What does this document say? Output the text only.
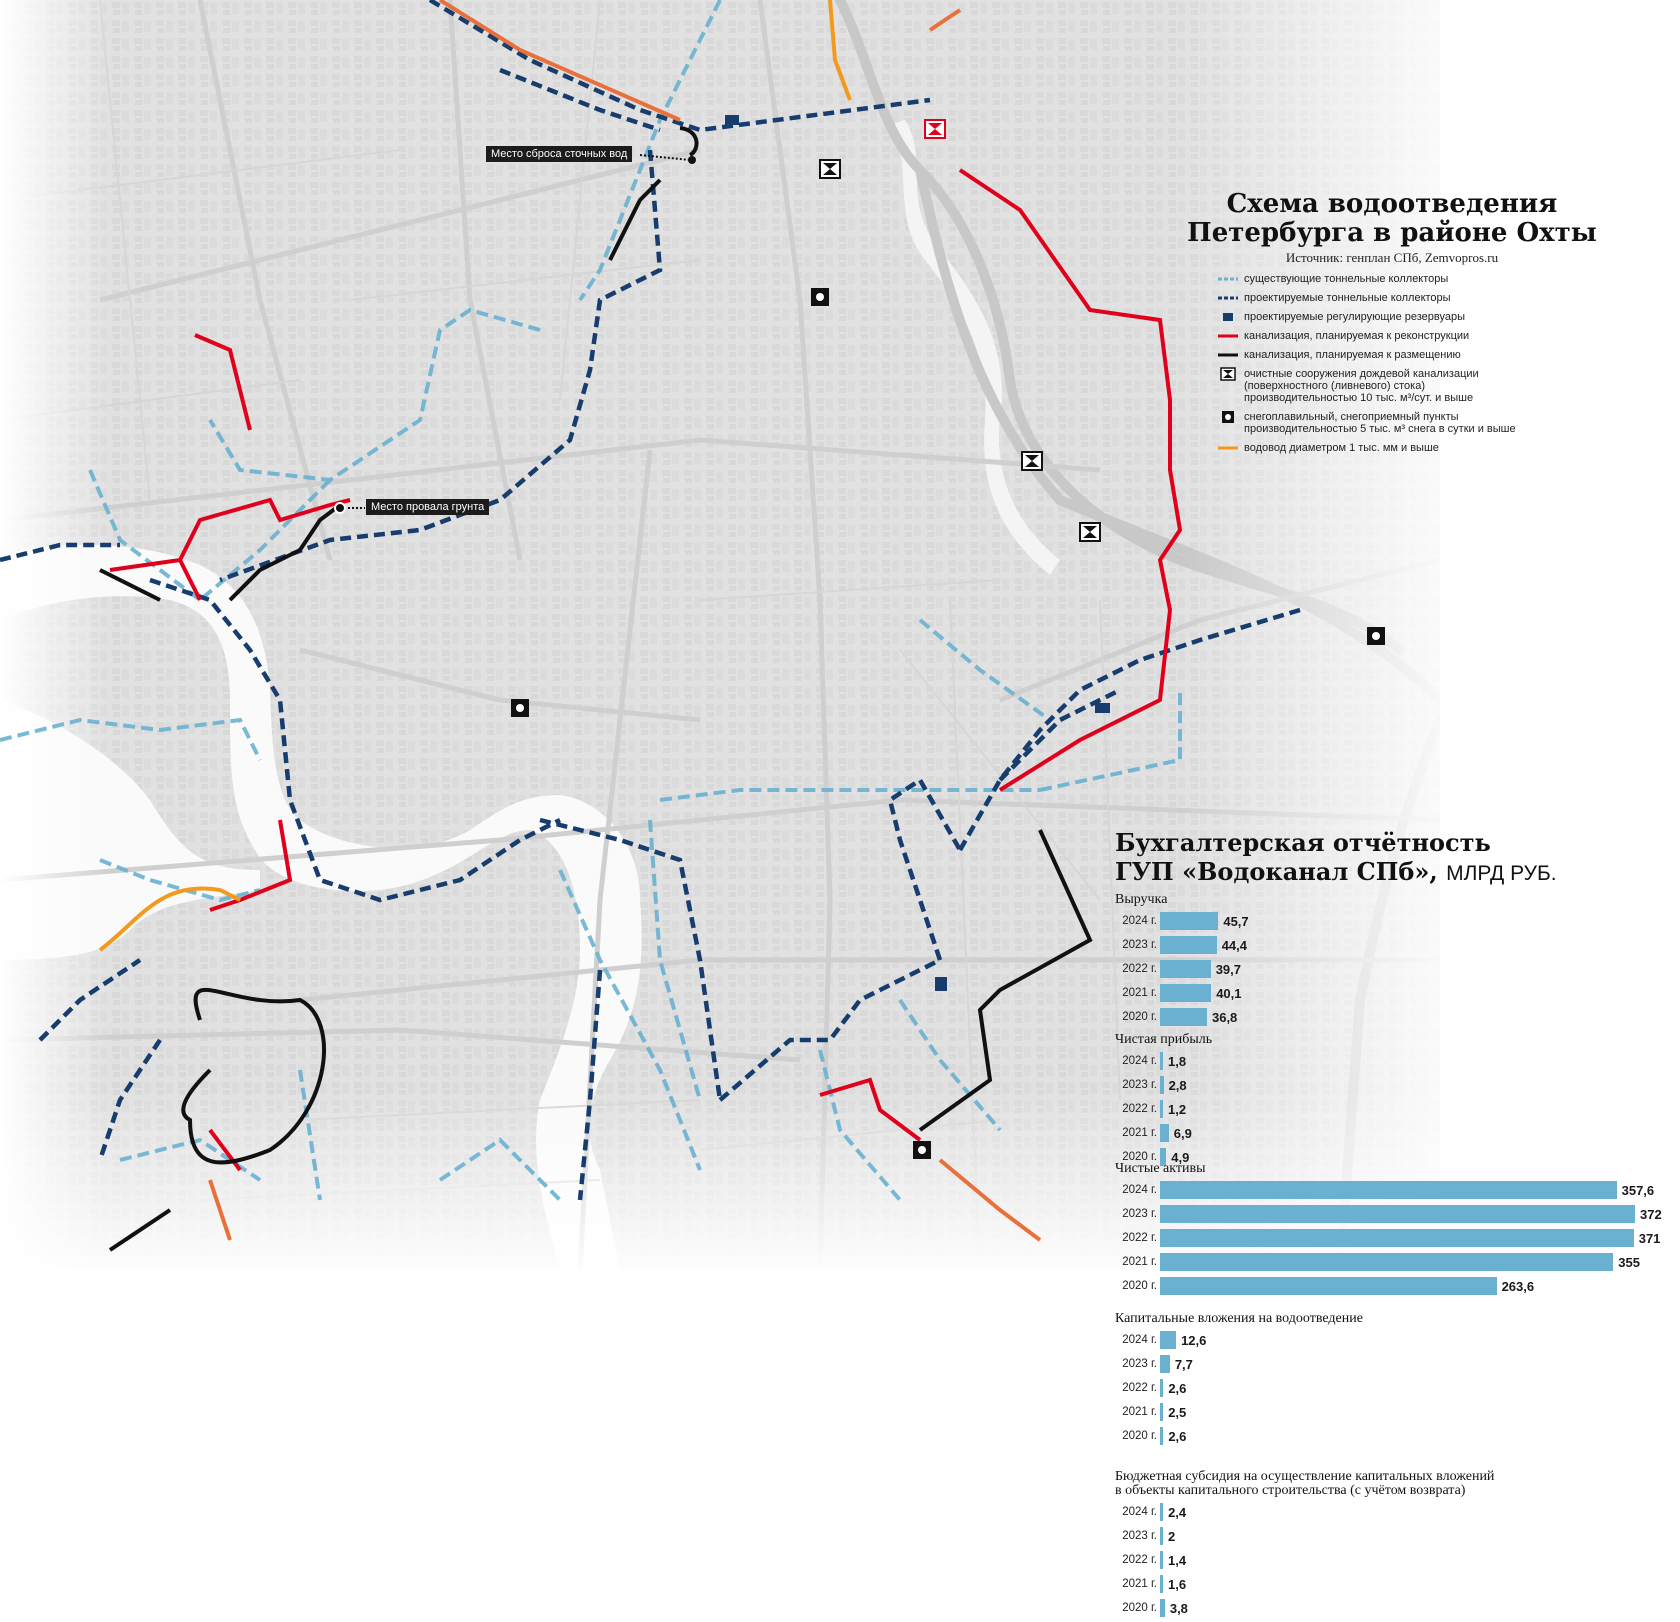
Место сброса сточных вод
Место провала грунта
Схема водоотведения
Петербурга в районе Охты
Источник: генплан СПб, Zemvopros.ru
существующие тоннельные коллекторы
проектируемые тоннельные коллекторы
проектируемые регулирующие резервуары
канализация, планируемая к реконструкции
канализация, планируемая к размещению
очистные сооружения дождевой канализации
(поверхностного (ливневого) стока)
производительностью 10 тыс. м³/сут. и выше
снегоплавильный, снегоприемный пункты
производительностью 5 тыс. м³ снега в сутки и выше
водовод диаметром 1 тыс. мм и выше
Бухгалтерская отчётность
ГУП «Водоканал СПб», МЛРД РУБ.
Выручка
2024 г.	45,7
2023 г.	44,4
2022 г.	39,7
2021 г.	40,1
2020 г.	36,8
Чистая прибыль
2024 г. 1,8
2023 г. 2,8
2022 г. 1,2
2021 г. 6,9
2020 г. 4,9
Чистые активы
2024 г.	357,6
2023 г.	372
2022 г.	371
2021 г.	355
2020 г.	263,6
Капитальные вложения на водоотведение
2024 г. 12,6
2023 г. 7,7
2022 г. 2,6
2021 г. 2,5
2020 г. 2,6
Бюджетная субсидия на осуществление капитальных вложений
в объекты капитального строительства (с учётом возврата)
2024 г. 2,4
2023 г. 2
2022 г. 1,4
2021 г. 1,6
2020 г. 3,8
